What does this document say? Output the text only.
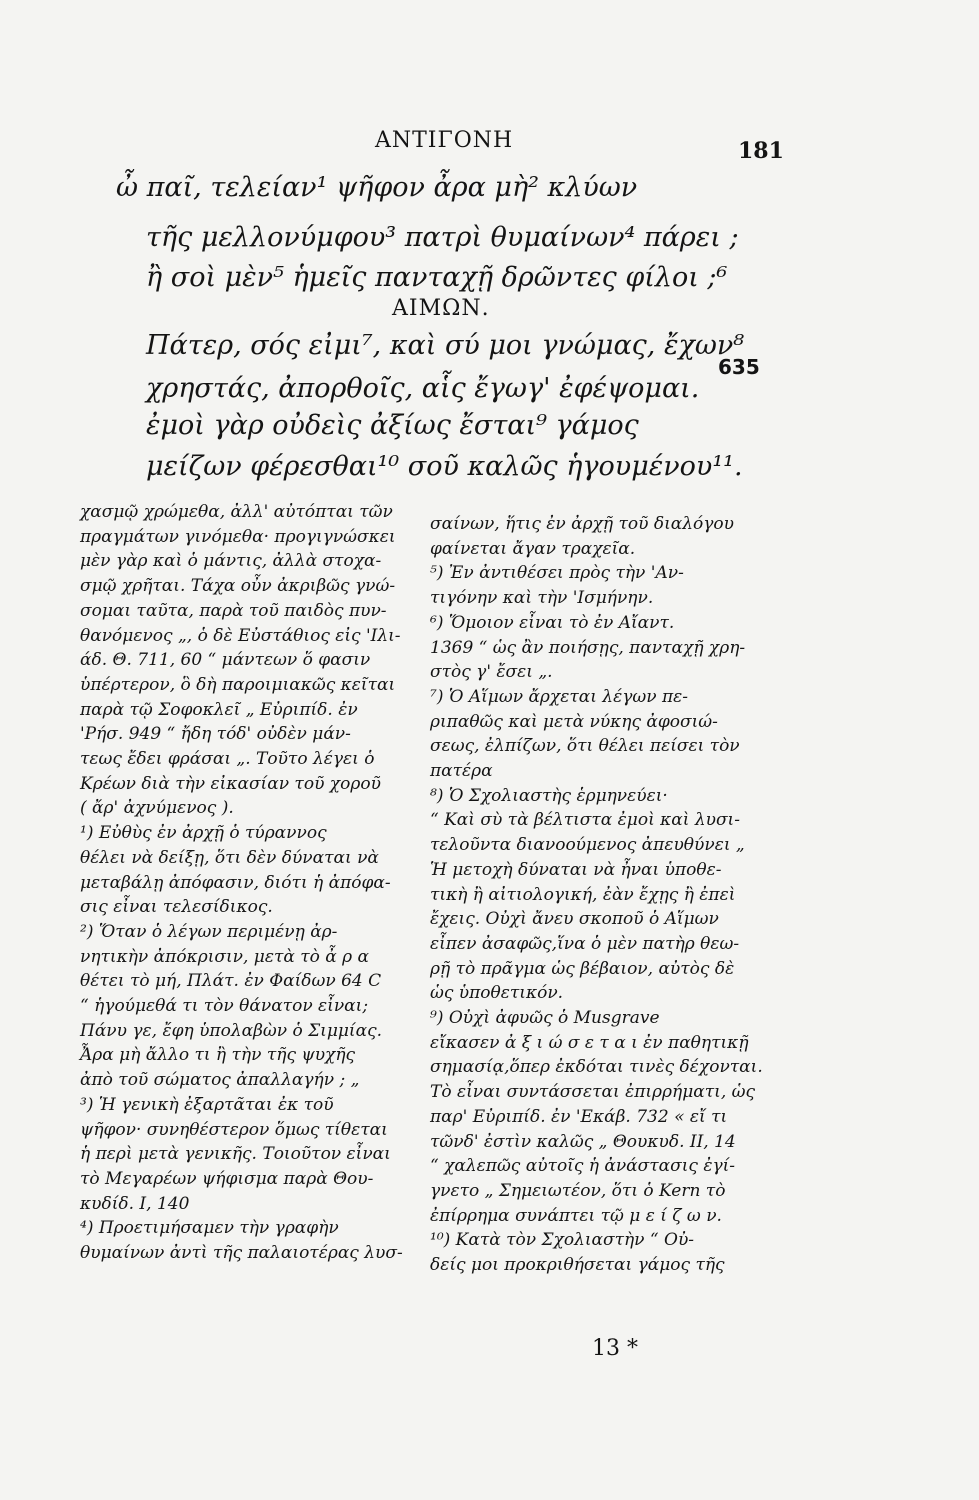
ΑΝΤΙΓΟΝΗ	181
ὦ παῖ, τελείαν¹ ψῆφον ἆρα μὴ² κλύων
τῆς μελλονύμφου³ πατρὶ θυμαίνων⁴ πάρει ;
ἢ σοὶ μὲν⁵ ἡμεῖς πανταχῇ δρῶντες φίλοι ;⁶
ΑΙΜΩΝ.
Πάτερ, σός εἰμι⁷, καὶ σύ μοι γνώμας, ἔχων⁸
635
χρηστάς, ἀπορθοῖς, αἷς ἔγωγ' ἐφέψομαι.
ἐμοὶ γὰρ οὐδεὶς ἀξίως ἔσται⁹ γάμος
μείζων φέρεσθαι¹⁰ σοῦ καλῶς ἡγουμένου¹¹.

χασμῷ χρώμεθα, ἀλλ' αὐτόπται τῶν

πραγμάτων γινόμεθα· προγιγνώσκει

μὲν γὰρ καὶ ὁ μάντις, ἀλλὰ στοχα-

σμῷ χρῆται. Τάχα οὖν ἀκριβῶς γνώ-

σομαι ταῦτα, παρὰ τοῦ παιδὸς πυν-

θανόμενος „, ὁ δὲ Εὐστάθιος εἰς 'Ιλι-

άδ. Θ. 711, 60 “ μάντεων ὅ φασιν

ὑπέρτερον, ὃ δὴ παροιμιακῶς κεῖται

παρὰ τῷ Σοφοκλεῖ „ Εὐριπίδ. ἐν

'Ρήσ. 949 “ ἤδη τόδ' οὐδὲν μάν-

τεως ἔδει φράσαι „. Τοῦτο λέγει ὁ

Κρέων διὰ τὴν εἰκασίαν τοῦ χοροῦ

( ἄρ' ἀχνύμενος ).

¹) Εὐθὺς ἐν ἀρχῇ ὁ τύραννος

θέλει νὰ δείξῃ, ὅτι δὲν δύναται νὰ

μεταβάλῃ ἀπόφασιν, διότι ἡ ἀπόφα-

σις εἶναι τελεσίδικος.

²) Ὅταν ὁ λέγων περιμένῃ ἀρ-

νητικὴν ἀπόκρισιν, μετὰ τὸ ἆ ρ α

θέτει τὸ μή, Πλάτ. ἐν Φαίδων 64 C

“ ἡγούμεθά τι τὸν θάνατον εἶναι;

Πάνυ γε, ἔφη ὑπολαβὼν ὁ Σιμμίας.

Ἆρα μὴ ἄλλο τι ἢ τὴν τῆς ψυχῆς

ἀπὸ τοῦ σώματος ἀπαλλαγήν ; „

³) Ἡ γενικὴ ἐξαρτᾶται ἐκ τοῦ

ψῆφον· συνηθέστερον ὅμως τίθεται

ἡ περὶ μετὰ γενικῆς. Τοιοῦτον εἶναι

τὸ Μεγαρέων ψήφισμα παρὰ Θου-

κυδίδ. Ι, 140

⁴) Προετιμήσαμεν τὴν γραφὴν

θυμαίνων ἀντὶ τῆς παλαιοτέρας λυσ-

σαίνων, ἥτις ἐν ἀρχῇ τοῦ διαλόγου

φαίνεται ἄγαν τραχεῖα.

⁵) Ἐν ἀντιθέσει πρὸς τὴν 'Αν-

τιγόνην καὶ τὴν 'Ισμήνην.

⁶) Ὅμοιον εἶναι τὸ ἐν Αἴαντ.

1369 “ ὡς ἂν ποιήσῃς, πανταχῇ χρη-

στὸς γ' ἔσει „.

⁷) Ὁ Αἵμων ἄρχεται λέγων πε-

ριπαθῶς καὶ μετὰ νύκης ἀφοσιώ-

σεως, ἐλπίζων, ὅτι θέλει πείσει τὸν

πατέρα

⁸) Ὁ Σχολιαστὴς ἑρμηνεύει·

“ Καὶ σὺ τὰ βέλτιστα ἐμοὶ καὶ λυσι-

τελοῦντα διανοούμενος ἀπευθύνει „

Ἡ μετοχὴ δύναται νὰ ἦναι ὑποθε-

τικὴ ἢ αἰτιολογική, ἐὰν ἔχῃς ἢ ἐπεὶ

ἔχεις. Οὐχὶ ἄνευ σκοποῦ ὁ Αἵμων

εἶπεν ἀσαφῶς,ἵνα ὁ μὲν πατὴρ θεω-

ρῇ τὸ πρᾶγμα ὡς βέβαιον, αὐτὸς δὲ

ὡς ὑποθετικόν.

⁹) Οὐχὶ ἀφυῶς ὁ Musgrave

εἴκασεν ἀ ξ ι ώ σ ε τ α ι ἐν παθητικῇ

σημασίᾳ,ὅπερ ἐκδόται τινὲς δέχονται.

Τὸ εἶναι συντάσσεται ἐπιρρήματι, ὡς

παρ' Εὐριπίδ. ἐν 'Εκάβ. 732 « εἴ τι

τῶνδ' ἐστὶν καλῶς „ Θουκυδ. ΙΙ, 14

“ χαλεπῶς αὐτοῖς ἡ ἀνάστασις ἐγί-

γνετο „ Σημειωτέον, ὅτι ὁ Kern τὸ

ἐπίρρημα συνάπτει τῷ μ ε ί ζ ω ν.

¹⁰) Κατὰ τὸν Σχολιαστὴν “ Οὐ-

δείς μοι προκριθήσεται γάμος τῆς

13 *
